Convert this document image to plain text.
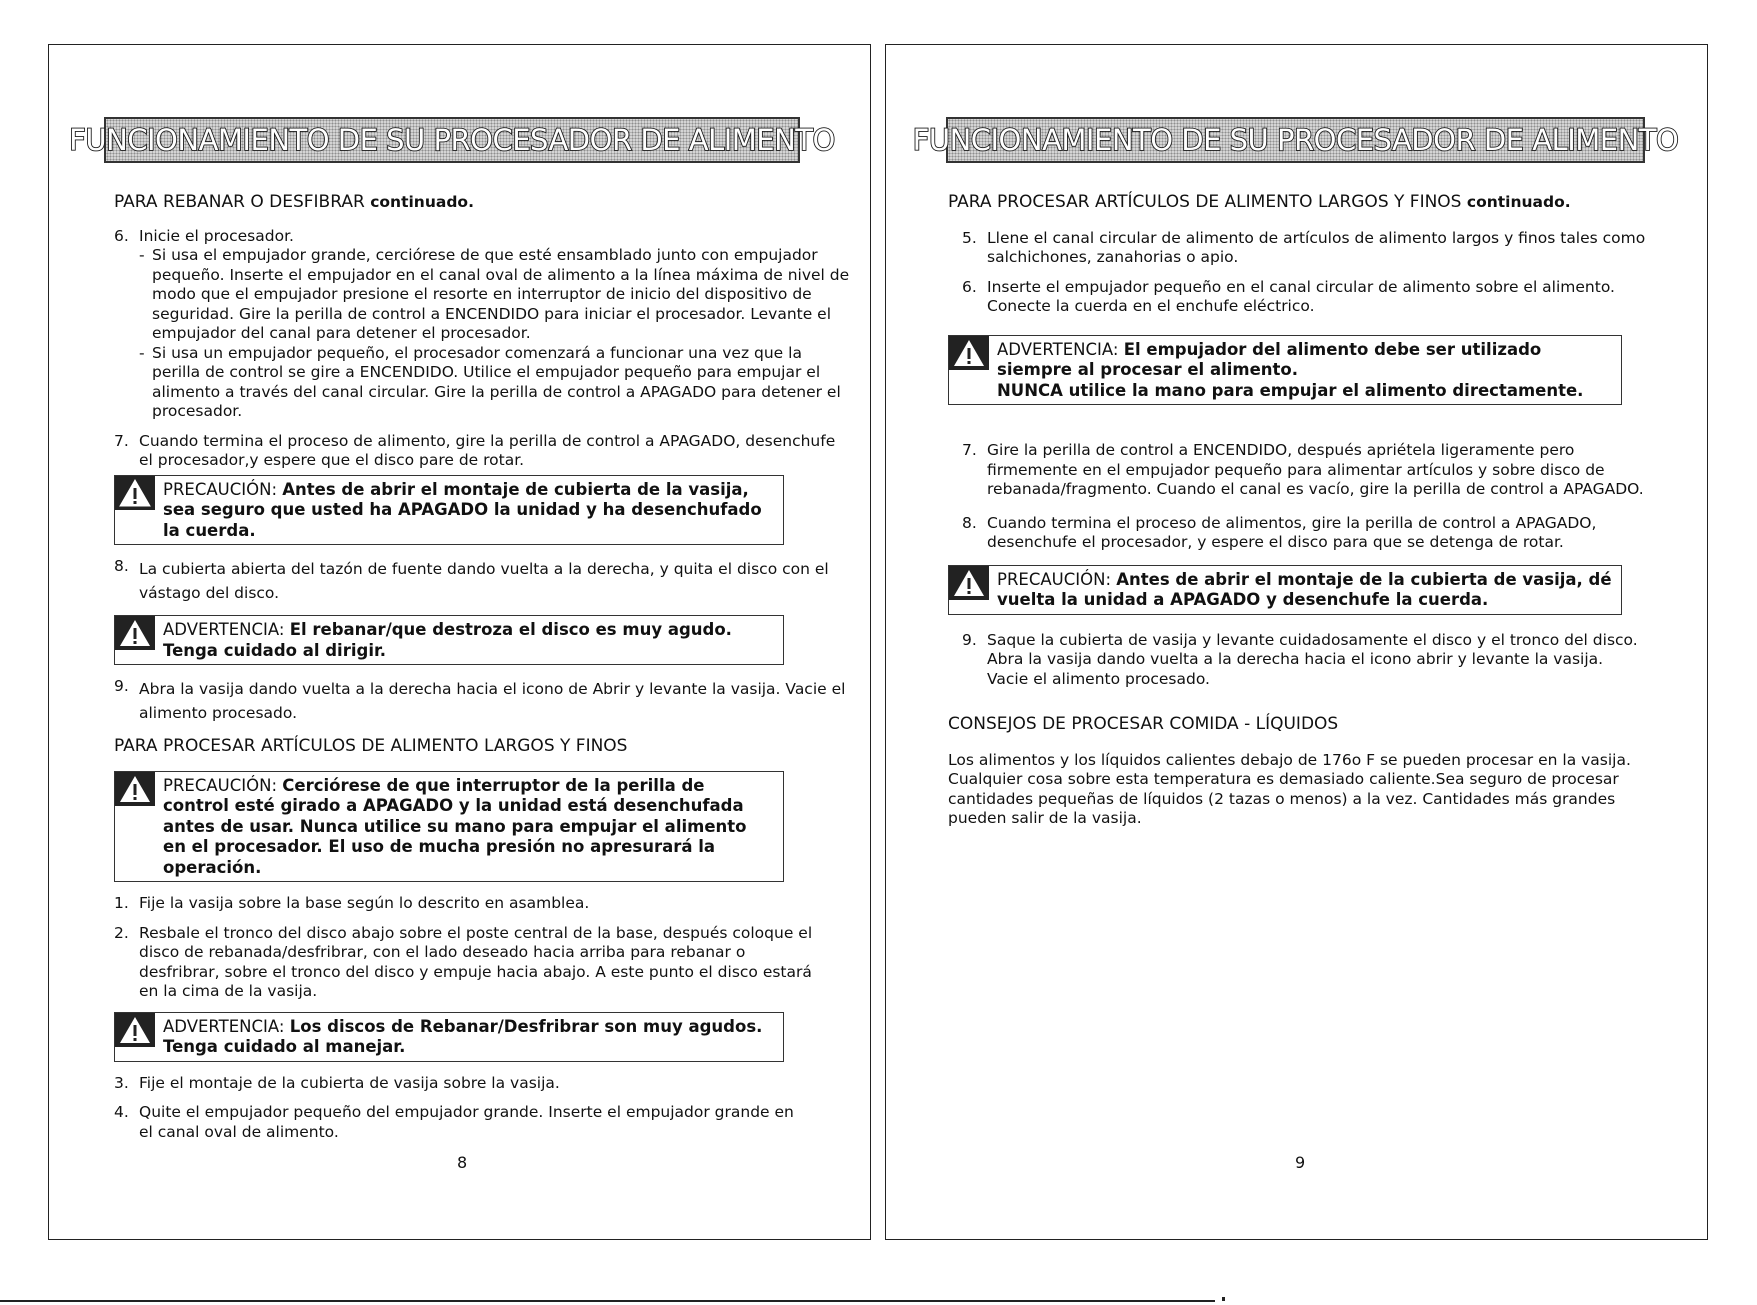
FUNCIONAMIENTO DE SU PROCESADOR DE ALIMENTO
PARA REBANAR O DESFIBRAR continuado.
6. Inicie el procesador.
- Si usa el empujador grande, cerciórese de que esté ensamblado junto con empujador pequeño. Inserte el empujador en el canal oval de alimento a la línea máxima de nivel de modo que el empujador presione el resorte en interruptor de inicio del dispositivo de seguridad. Gire la perilla de control a ENCENDIDO para iniciar el procesador. Levante el empujador del canal para detener el procesador.
- Si usa un empujador pequeño, el procesador comenzará a funcionar una vez que la perilla de control se gire a ENCENDIDO. Utilice el empujador pequeño para empujar el alimento a través del canal circular. Gire la perilla de control a APAGADO para detener el procesador.
7. Cuando termina el proceso de alimento, gire la perilla de control a APAGADO, desenchufe el procesador,y espere que el disco pare de rotar.
PRECAUCIÓN: Antes de abrir el montaje de cubierta de la vasija, sea seguro que usted ha APAGADO la unidad y ha desenchufado la cuerda.
8. La cubierta abierta del tazón de fuente dando vuelta a la derecha, y quita el disco con el vástago del disco.
ADVERTENCIA: El rebanar/que destroza el disco es muy agudo. Tenga cuidado al dirigir.
9. Abra la vasija dando vuelta a la derecha hacia el icono de Abrir y levante la vasija. Vacie el alimento procesado.
PARA PROCESAR ARTÍCULOS DE ALIMENTO LARGOS Y FINOS
PRECAUCIÓN: Cerciórese de que interruptor de la perilla de control esté girado a APAGADO y la unidad está desenchufada antes de usar. Nunca utilice su mano para empujar el alimento en el procesador. El uso de mucha presión no apresurará la operación.
1. Fije la vasija sobre la base según lo descrito en asamblea.
2. Resbale el tronco del disco abajo sobre el poste central de la base, después coloque el disco de rebanada/desfribrar, con el lado deseado hacia arriba para rebanar o desfribrar, sobre el tronco del disco y empuje hacia abajo. A este punto el disco estará en la cima de la vasija.
ADVERTENCIA: Los discos de Rebanar/Desfribrar son muy agudos. Tenga cuidado al manejar.
3. Fije el montaje de la cubierta de vasija sobre la vasija.
4. Quite el empujador pequeño del empujador grande. Inserte el empujador grande en el canal oval de alimento.
8
FUNCIONAMIENTO DE SU PROCESADOR DE ALIMENTO
PARA PROCESAR ARTÍCULOS DE ALIMENTO LARGOS Y FINOS continuado.
5. Llene el canal circular de alimento de artículos de alimento largos y finos tales como salchichones, zanahorias o apio.
6. Inserte el empujador pequeño en el canal circular de alimento sobre el alimento. Conecte la cuerda en el enchufe eléctrico.
ADVERTENCIA: El empujador del alimento debe ser utilizado siempre al procesar el alimento.
NUNCA utilice la mano para empujar el alimento directamente.
7. Gire la perilla de control a ENCENDIDO, después apriétela ligeramente pero firmemente en el empujador pequeño para alimentar artículos y sobre disco de rebanada/fragmento. Cuando el canal es vacío, gire la perilla de control a APAGADO.
8. Cuando termina el proceso de alimentos, gire la perilla de control a APAGADO, desenchufe el procesador, y espere el disco para que se detenga de rotar.
PRECAUCIÓN: Antes de abrir el montaje de la cubierta de vasija, dé vuelta la unidad a APAGADO y desenchufe la cuerda.
9. Saque la cubierta de vasija y levante cuidadosamente el disco y el tronco del disco. Abra la vasija dando vuelta a la derecha hacia el icono abrir y levante la vasija. Vacie el alimento procesado.
CONSEJOS DE PROCESAR COMIDA - LÍQUIDOS
Los alimentos y los líquidos calientes debajo de 176o F se pueden procesar en la vasija. Cualquier cosa sobre esta temperatura es demasiado caliente.Sea seguro de procesar cantidades pequeñas de líquidos (2 tazas o menos) a la vez. Cantidades más grandes pueden salir de la vasija.
9
